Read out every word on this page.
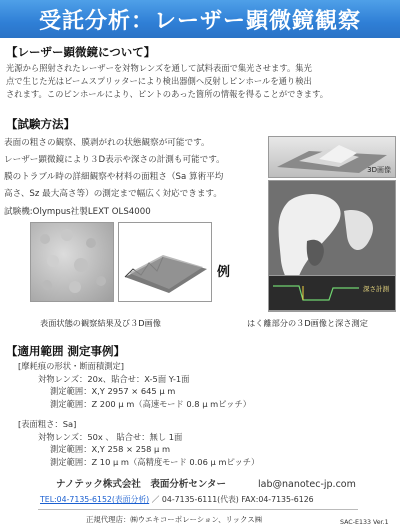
受託分析：レーザー顕微鏡観察
【レーザー顕微鏡について】
光源から照射されたレーザーを対物レンズを通して試料表面で集光させます。集光
点で生じた光はビームスプリッターにより検出器側へ反射しピンホールを通り検出
されます。このピンホールにより、ピントのあった箇所の情報を得ることができます。
【試験方法】
表面の粗さの観察、膜剥がれの状態観察が可能です。
レーザー顕微鏡により３D表示や深さの計測も可能です。
膜のトラブル時の詳細観察や材料の面粗さ（Sa 算術平均
高さ、Sz 最大高さ等）の測定まで幅広く対応できます。
試験機:Olympus社製LEXT OLS4000
3D画像
例
深さ計測
表面状態の観察結果及び３D画像	はく離部分の３D画像と深さ測定
【適用範囲 測定事例】
[摩耗痕の形状・断面積測定]
対物レンズ：20x、貼合せ：X-5面 Y-1面
測定範囲：X,Y 2957 × 645 μ m
測定範囲：Z 200 μ m（高速モード 0.8 μ mピッチ）
[表面粗さ：Sa]
対物レンズ：50x 、 貼合せ：無し 1面
測定範囲：X,Y 258 × 258 μ m
測定範囲：Z 10 μ m（高精度モード 0.06 μ mピッチ）
ナノテック株式会社　表面分析センター	lab@nanotec-jp.com
TEL:04-7135-6152(表面分析) ／ 04-7135-6111(代表) FAX:04-7135-6126
正規代理店：㈱ウエキコーポレーション、リックス㈱	SAC-E133 Ver.1
